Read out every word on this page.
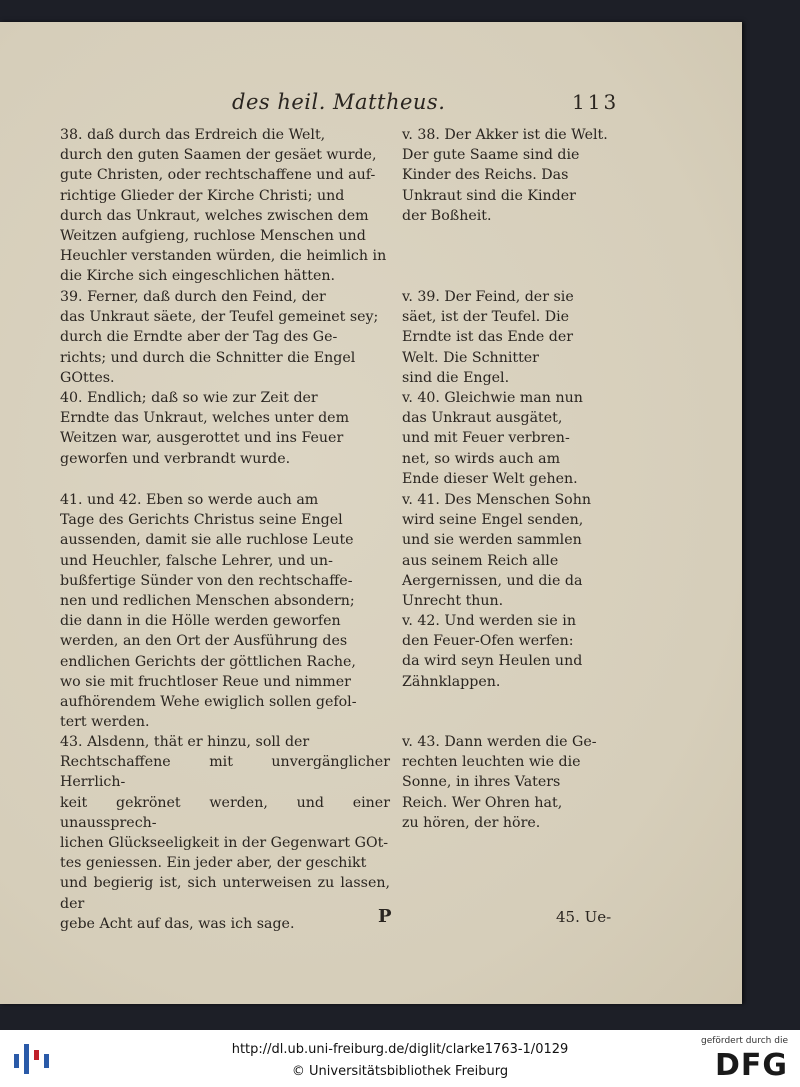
des heil. Mattheus.	113
38. daß durch das Erdreich die Welt,
durch den guten Saamen der gesäet wurde,
gute Christen, oder rechtschaffene und auf-
richtige Glieder der Kirche Christi; und
durch das Unkraut, welches zwischen dem
Weitzen aufgieng, ruchlose Menschen und
Heuchler verstanden würden, die heimlich in
die Kirche sich eingeschlichen hätten.
39. Ferner, daß durch den Feind, der
das Unkraut säete, der Teufel gemeinet sey;
durch die Erndte aber der Tag des Ge-
richts; und durch die Schnitter die Engel
GOttes.
40. Endlich; daß so wie zur Zeit der
Erndte das Unkraut, welches unter dem
Weitzen war, ausgerottet und ins Feuer
geworfen und verbrandt wurde.
41. und 42. Eben so werde auch am
Tage des Gerichts Christus seine Engel
aussenden, damit sie alle ruchlose Leute
und Heuchler, falsche Lehrer, und un-
bußfertige Sünder von den rechtschaffe-
nen und redlichen Menschen absondern;
die dann in die Hölle werden geworfen
werden, an den Ort der Ausführung des
endlichen Gerichts der göttlichen Rache,
wo sie mit fruchtloser Reue und nimmer
aufhörendem Wehe ewiglich sollen gefol-
tert werden.
43. Alsdenn, thät er hinzu, soll der
Rechtschaffene mit unvergänglicher Herrlich-
keit gekrönet werden, und einer unaussprech-
lichen Glückseeligkeit in der Gegenwart GOt-
tes geniessen. Ein jeder aber, der geschikt
und begierig ist, sich unterweisen zu lassen, der
gebe Acht auf das, was ich sage.
v. 38. Der Akker ist die Welt.
Der gute Saame sind die
Kinder des Reichs. Das
Unkraut sind die Kinder
der Boßheit.
v. 39. Der Feind, der sie
säet, ist der Teufel. Die
Erndte ist das Ende der
Welt. Die Schnitter
sind die Engel.
v. 40. Gleichwie man nun
das Unkraut ausgätet,
und mit Feuer verbren-
net, so wirds auch am
Ende dieser Welt gehen.
v. 41. Des Menschen Sohn
wird seine Engel senden,
und sie werden sammlen
aus seinem Reich alle
Aergernissen, und die da
Unrecht thun.
v. 42. Und werden sie in
den Feuer-Ofen werfen:
da wird seyn Heulen und
Zähnklappen.
v. 43. Dann werden die Ge-
rechten leuchten wie die
Sonne, in ihres Vaters
Reich. Wer Ohren hat,
zu hören, der höre.
P	45. Ue-
http://dl.ub.uni-freiburg.de/diglit/clarke1763-1/0129
© Universitätsbibliothek Freiburg
gefördert durch die
DFG
